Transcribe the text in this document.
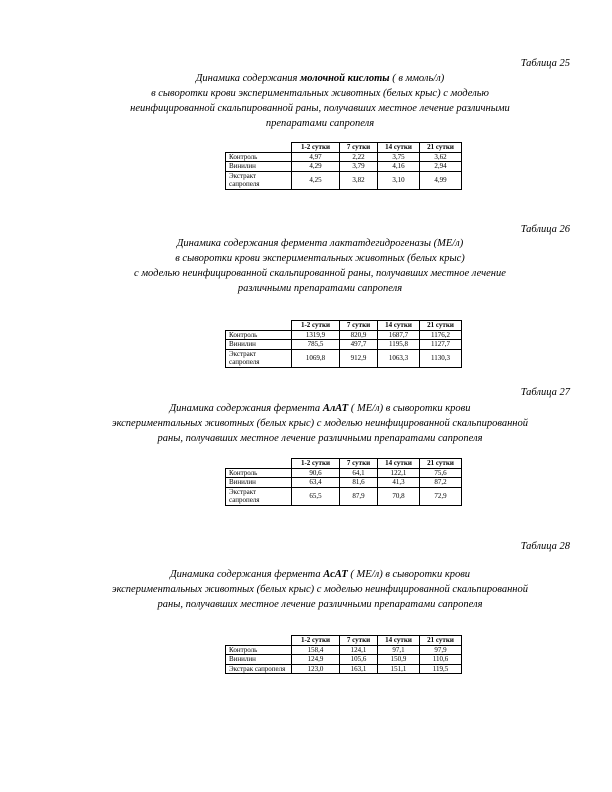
Таблица 25
Динамика содержания молочной кислоты ( в ммоль/л)
в сыворотки крови экспериментальных животных (белых крыс) с моделью
неинфицированной скальпированной раны, получавших местное лечение различными
препаратами сапропеля
	1-2 сутки	7 сутки	14 сутки	21 сутки
Контроль	4,97	2,22	3,75	3,62
Винилин	4,29	3,79	4,16	2,94
Экстракт сапропеля	4,25	3,82	3,10	4,99
Таблица 26
Динамика содержания фермента лактатдегидрогеназы (МЕ/л)
в сыворотки крови экспериментальных животных (белых крыс)
с моделью неинфицированной скальпированной раны, получавших местное лечение
различными препаратами сапропеля
	1-2 сутки	7 сутки	14 сутки	21 сутки
Контроль	1319,9	820,9	1687,7	1176,2
Винилин	785,5	497,7	1195,8	1127,7
Экстракт сапропеля	1069,8	912,9	1063,3	1130,3
Таблица 27
Динамика содержания фермента АлАТ ( МЕ/л) в сыворотки крови
экспериментальных животных (белых крыс) с моделью неинфицированной скальпированной
раны, получавших местное лечение различными препаратами сапропеля
	1-2 сутки	7 сутки	14 сутки	21 сутки
Контроль	90,6	64,1	122,1	75,6
Винилин	63,4	81,6	41,3	87,2
Экстракт сапропеля	65,5	87,9	70,8	72,9
Таблица 28
Динамика содержания фермента АсАТ ( МЕ/л) в сыворотки крови
экспериментальных животных (белых крыс) с моделью неинфицированной скальпированной
раны, получавших местное лечение различными препаратами сапропеля
	1-2 сутки	7 сутки	14 сутки	21 сутки
Контроль	158,4	124,1	97,1	97,9
Винилин	124,9	105,6	150,9	110,6
Экстрак сапропеля	123,0	163,1	151,1	119,5
